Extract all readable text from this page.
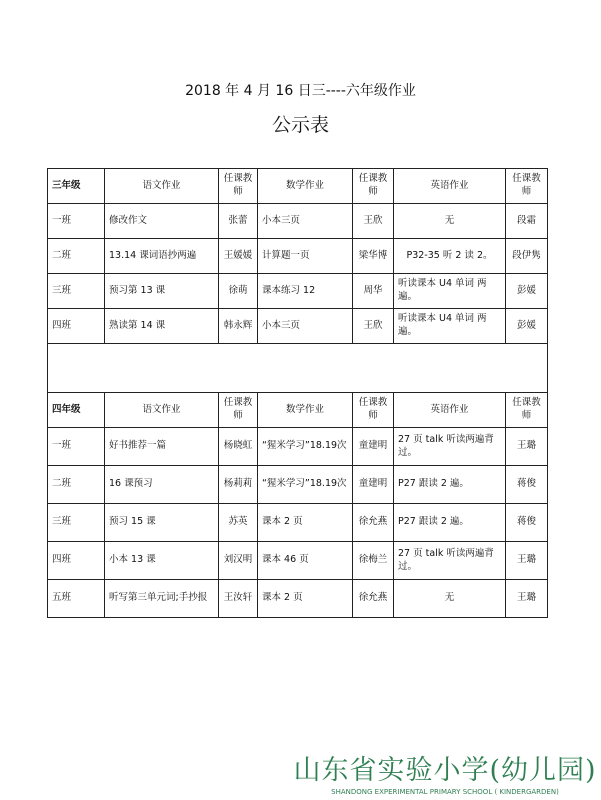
2018 年 4 月 16 日三----六年级作业
公示表
三年级	语文作业	任课教师	数学作业	任课教师	英语作业	任课教师
一班	修改作文	张蕾	小本三页	王欣	无	段霜
二班	13.14 课词语抄两遍	王媛媛	计算题一页	梁华博	P32-35 听 2 读 2。	段伊隽
三班	预习第 13 课	徐萌	课本练习 12	周华	听读课本 U4 单词 两遍。	彭媛
四班	熟读第 14 课	韩永辉	小本三页	王欣	听读课本 U4 单词 两遍。	彭媛

四年级	语文作业	任课教师	数学作业	任课教师	英语作业	任课教师
一班	好书推荐一篇	杨晓虹	“猩米学习”18.19次	童建明	27 页 talk 听读两遍背过。	王璐
二班	16 课预习	杨莉莉	“猩米学习”18.19次	童建明	P27 跟读 2 遍。	蒋俊
三班	预习 15 课	苏英	课本 2 页	徐允燕	P27 跟读 2 遍。	蒋俊
四班	小本 13 课	刘汉明	课本 46 页	徐梅兰	27 页 talk 听读两遍背过。	王璐
五班	听写第三单元词;手抄报	王汝轩	课本 2 页	徐允燕	无	王璐
山东省实验小学(幼儿园)
SHANDONG EXPERIMENTAL PRIMARY SCHOOL ( KINDERGARDEN)
